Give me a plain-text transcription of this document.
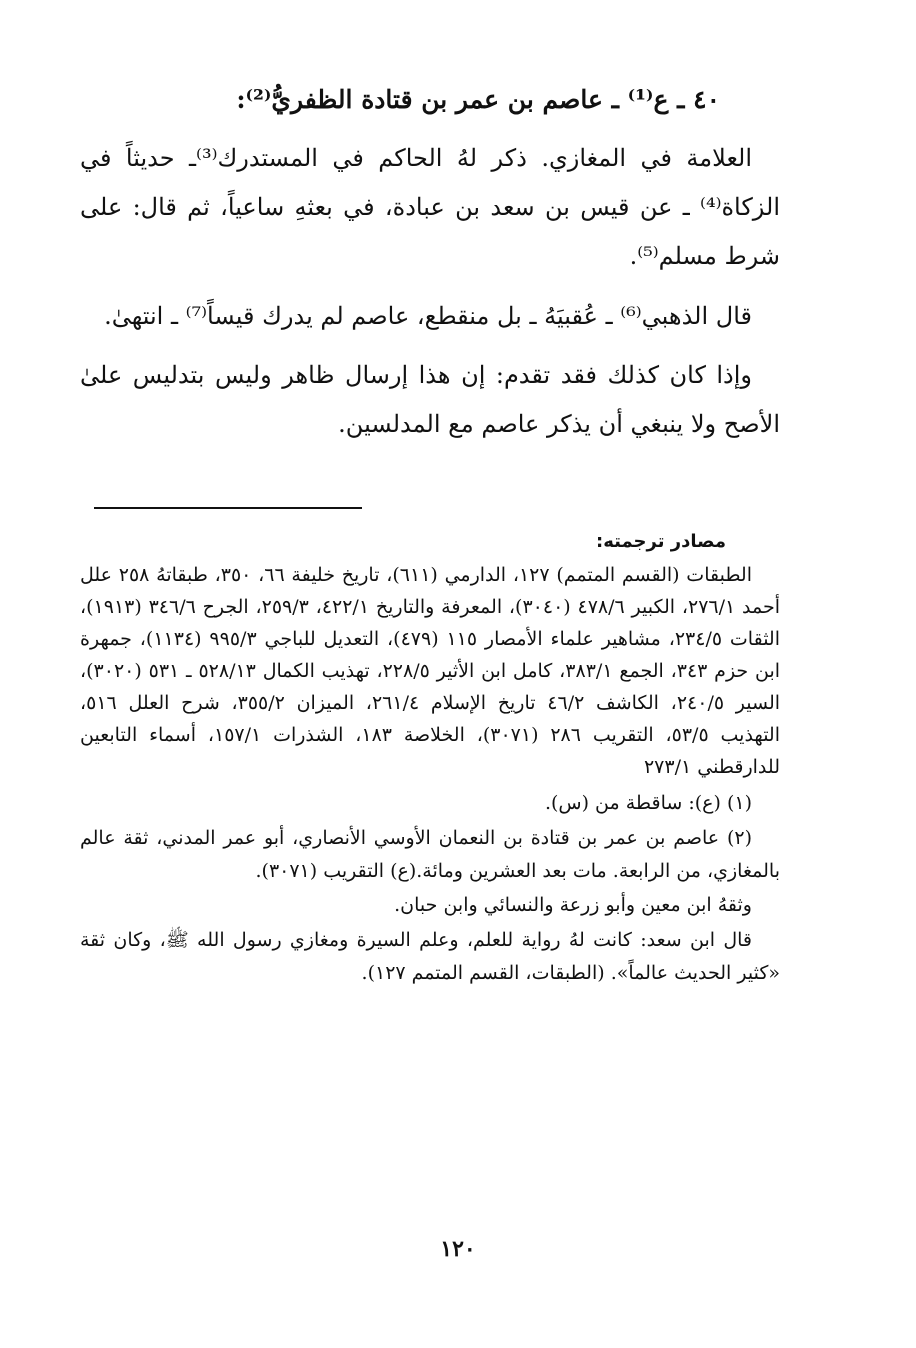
٤٠ ـ ع⁽¹⁾ ـ عاصم بن عمر بن قتادة الظفريُّ⁽²⁾:

العلامة في المغازي. ذكر لهُ الحاكم في المستدرك⁽³⁾ـ حديثاً في الزكاة⁽⁴⁾ ـ عن قيس بن سعد بن عبادة، في بعثهِ ساعياً، ثم قال: على شرط مسلم⁽⁵⁾.

قال الذهبي⁽⁶⁾ ـ عُقبيَهُ ـ بل منقطع، عاصم لم يدرك قيساً⁽⁷⁾ ـ انتهىٰ.

وإذا كان كذلك فقد تقدم: إن هذا إرسال ظاهر وليس بتدليس علىٰ الأصح ولا ينبغي أن يذكر عاصم مع المدلسين.

مصادر ترجمته:

الطبقات (القسم المتمم) ١٢٧، الدارمي (٦١١)، تاريخ خليفة ٦٦، ٣٥٠، طبقاتهُ ٢٥٨ علل أحمد ٢٧٦/١، الكبير ٤٧٨/٦ (٣٠٤٠)، المعرفة والتاريخ ٤٢٢/١، ٢٥٩/٣، الجرح ٣٤٦/٦ (١٩١٣)، الثقات ٢٣٤/٥، مشاهير علماء الأمصار ١١٥ (٤٧٩)، التعديل للباجي ٩٩٥/٣ (١١٣٤)، جمهرة ابن حزم ٣٤٣، الجمع ٣٨٣/١، كامل ابن الأثير ٢٢٨/٥، تهذيب الكمال ٥٢٨/١٣ ـ ٥٣١ (٣٠٢٠)، السير ٢٤٠/٥، الكاشف ٤٦/٢ تاريخ الإسلام ٢٦١/٤، الميزان ٣٥٥/٢، شرح العلل ٥١٦، التهذيب ٥٣/٥، التقريب ٢٨٦ (٣٠٧١)، الخلاصة ١٨٣، الشذرات ١٥٧/١، أسماء التابعين للدارقطني ٢٧٣/١

(١) (ع): ساقطة من (س).

(٢) عاصم بن عمر بن قتادة بن النعمان الأوسي الأنصاري، أبو عمر المدني، ثقة عالم بالمغازي، من الرابعة. مات بعد العشرين ومائة.(ع) التقريب (٣٠٧١).

وثقهُ ابن معين وأبو زرعة والنسائي وابن حبان.

قال ابن سعد: كانت لهُ رواية للعلم، وعلم السيرة ومغازي رسول الله ﷺ، وكان ثقة «كثير الحديث عالماً». (الطبقات، القسم المتمم ١٢٧).

١٢٠
